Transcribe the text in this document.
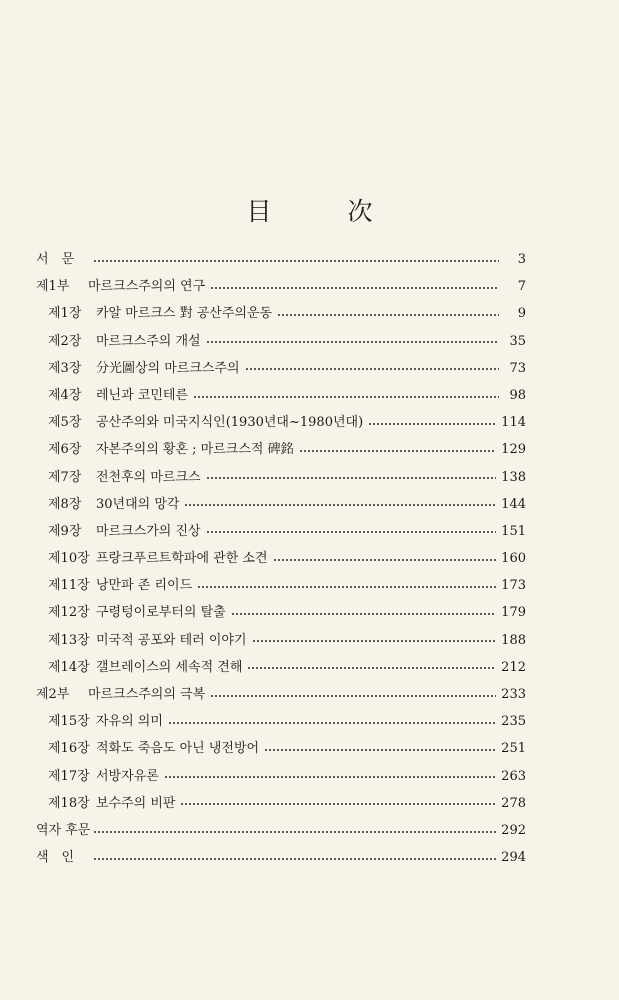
目	次
서　문	3
제1부	마르크스주의의 연구	7
제1장	카알 마르크스 對 공산주의운동	9
제2장	마르크스주의 개설	35
제3장	分光圖상의 마르크스주의	73
제4장	레닌과 코민테른	98
제5장	공산주의와 미국지식인(1930년대~1980년대)	114
제6장	자본주의의 황혼 ; 마르크스적 碑銘	129
제7장	전천후의 마르크스	138
제8장	30년대의 망각	144
제9장	마르크스가의 진상	151
제10장 프랑크푸르트학파에 관한 소견	160
제11장 낭만파 존 리이드	173
제12장 구령텅이로부터의 탈출	179
제13장 미국적 공포와 테러 이야기	188
제14장 갤브레이스의 세속적 견해	212
제2부	마르크스주의의 극복	233
제15장 자유의 의미	235
제16장 적화도 죽음도 아닌 냉전방어	251
제17장 서방자유론	263
제18장 보수주의 비판	278
역자 후문	292
색　인	294
